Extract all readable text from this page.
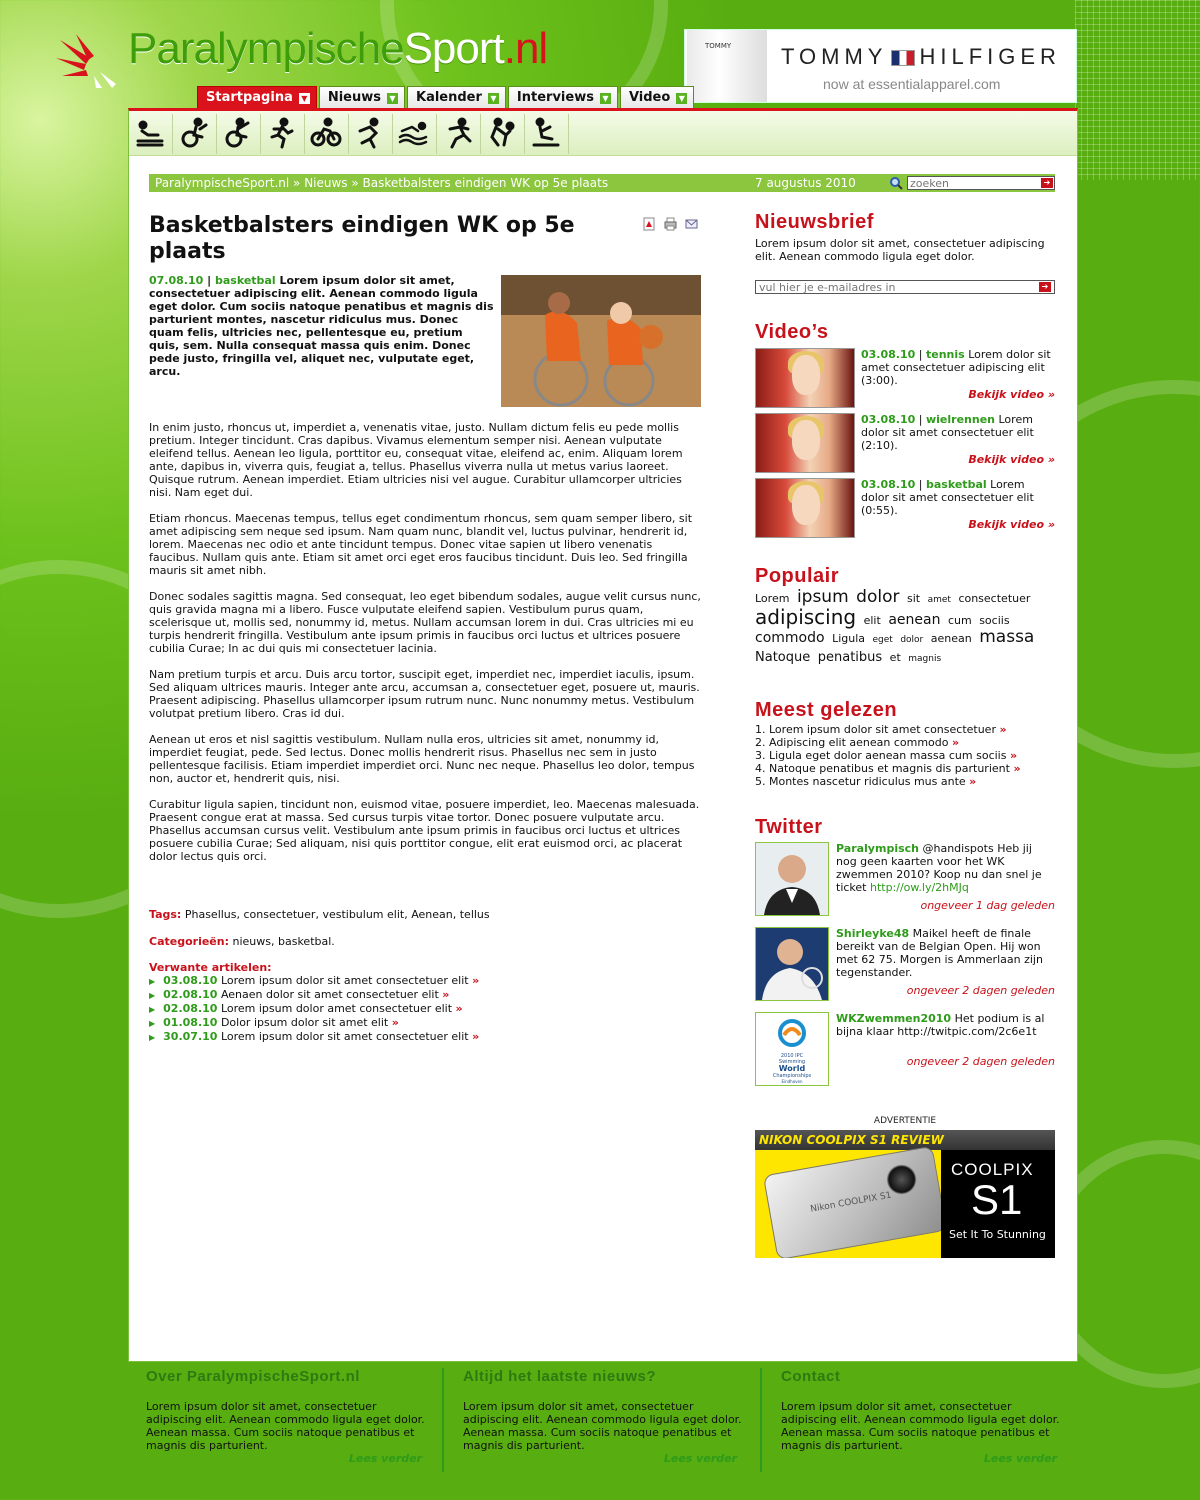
ParalympischeSport.nl	TOMMY TOMMY HILFIGER
now at essentialapparel.com
Startpagina	▼ Nieuws	▼ Kalender	▼ Interviews	▼ Video	▼
ParalympischeSport.nl » Nieuws » Basketbalsters eindigen WK op 5e plaats	7 augustus 2010
zoeken	➔
Basketbalsters eindigen WK op 5e plaats
07.08.10 | basketbal Lorem ipsum dolor sit amet, consectetuer adipiscing elit. Aenean commodo ligula eget dolor. Cum sociis natoque penatibus et magnis dis parturient montes, nascetur ridiculus mus. Donec quam felis, ultricies nec, pellentesque eu, pretium quis, sem. Nulla consequat massa quis enim. Donec pede justo, fringilla vel, aliquet nec, vulputate eget, arcu.

In enim justo, rhoncus ut, imperdiet a, venenatis vitae, justo. Nullam dictum felis eu pede mollis pretium. Integer tincidunt. Cras dapibus. Vivamus elementum semper nisi. Aenean vulputate eleifend tellus. Aenean leo ligula, porttitor eu, consequat vitae, eleifend ac, enim. Aliquam lorem ante, dapibus in, viverra quis, feugiat a, tellus. Phasellus viverra nulla ut metus varius laoreet. Quisque rutrum. Aenean imperdiet. Etiam ultricies nisi vel augue. Curabitur ullamcorper ultricies nisi. Nam eget dui.

Etiam rhoncus. Maecenas tempus, tellus eget condimentum rhoncus, sem quam semper libero, sit amet adipiscing sem neque sed ipsum. Nam quam nunc, blandit vel, luctus pulvinar, hendrerit id, lorem. Maecenas nec odio et ante tincidunt tempus. Donec vitae sapien ut libero venenatis faucibus. Nullam quis ante. Etiam sit amet orci eget eros faucibus tincidunt. Duis leo. Sed fringilla mauris sit amet nibh.

Donec sodales sagittis magna. Sed consequat, leo eget bibendum sodales, augue velit cursus nunc, quis gravida magna mi a libero. Fusce vulputate eleifend sapien. Vestibulum purus quam, scelerisque ut, mollis sed, nonummy id, metus. Nullam accumsan lorem in dui. Cras ultricies mi eu turpis hendrerit fringilla. Vestibulum ante ipsum primis in faucibus orci luctus et ultrices posuere cubilia Curae; In ac dui quis mi consectetuer lacinia.

Nam pretium turpis et arcu. Duis arcu tortor, suscipit eget, imperdiet nec, imperdiet iaculis, ipsum. Sed aliquam ultrices mauris. Integer ante arcu, accumsan a, consectetuer eget, posuere ut, mauris. Praesent adipiscing. Phasellus ullamcorper ipsum rutrum nunc. Nunc nonummy metus. Vestibulum volutpat pretium libero. Cras id dui.

Aenean ut eros et nisl sagittis vestibulum. Nullam nulla eros, ultricies sit amet, nonummy id, imperdiet feugiat, pede. Sed lectus. Donec mollis hendrerit risus. Phasellus nec sem in justo pellentesque facilisis. Etiam imperdiet imperdiet orci. Nunc nec neque. Phasellus leo dolor, tempus non, auctor et, hendrerit quis, nisi.

Curabitur ligula sapien, tincidunt non, euismod vitae, posuere imperdiet, leo. Maecenas malesuada. Praesent congue erat at massa. Sed cursus turpis vitae tortor. Donec posuere vulputate arcu. Phasellus accumsan cursus velit. Vestibulum ante ipsum primis in faucibus orci luctus et ultrices posuere cubilia Curae; Sed aliquam, nisi quis porttitor congue, elit erat euismod orci, ac placerat dolor lectus quis orci.

Tags: Phasellus, consectetuer, vestibulum elit, Aenean, tellus
Categorieën: nieuws, basketbal.
Verwante artikelen:
▶ 03.08.10 Lorem ipsum dolor sit amet consectetuer elit »
▶ 02.08.10 Aenaen dolor sit amet consectetuer elit »
▶ 02.08.10 Lorem ipsum dolor amet consectetuer elit »
▶ 01.08.10 Dolor ipsum dolor sit amet elit »
▶ 30.07.10 Lorem ipsum dolor sit amet consectetuer elit »
Nieuwsbrief
Lorem ipsum dolor sit amet, consectetuer adipiscing elit. Aenean commodo ligula eget dolor.
vul hier je e-mailadres in
➔
Video’s
03.08.10 | tennis Lorem dolor sit amet consectetuer adipiscing elit (3:00).
Bekijk video »
03.08.10 | wielrennen Lorem dolor sit amet consectetuer elit (2:10).
Bekijk video »
03.08.10 | basketbal Lorem dolor sit amet consectetuer elit (0:55).
Bekijk video »
Populair
Lorem ipsum dolor sit amet consectetuer adipiscing elit aenean cum sociis commodo Ligula eget dolor aenean massa Natoque penatibus et magnis
Meest gelezen
1. Lorem ipsum dolor sit amet consectetuer »
2. Adipiscing elit aenean commodo »
3. Ligula eget dolor aenean massa cum sociis »
4. Natoque penatibus et magnis dis parturient »
5. Montes nascetur ridiculus mus ante »
Twitter
Paralympisch @handispots Heb jij nog geen kaarten voor het WK zwemmen 2010? Koop nu dan snel je ticket http://ow.ly/2hMJq
ongeveer 1 dag geleden
Shirleyke48 Maikel heeft de finale bereikt van de Belgian Open. Hij won met 62 75. Morgen is Ammerlaan zijn tegenstander.
ongeveer 2 dagen geleden
2010 IPC
Swimming
World
Championships
Eindhoven
WKZwemmen2010 Het podium is al bijna klaar http://twitpic.com/2c6e1t
ongeveer 2 dagen geleden
ADVERTENTIE
NIKON COOLPIX S1 REVIEW
Nikon COOLPIX S1
COOLPIX
S1
Set It To Stunning
Over ParalympischeSport.nl
Lorem ipsum dolor sit amet, consectetuer adipiscing elit. Aenean commodo ligula eget dolor. Aenean massa. Cum sociis natoque penatibus et magnis dis parturient.
Lees verder
Altijd het laatste nieuws?
Lorem ipsum dolor sit amet, consectetuer adipiscing elit. Aenean commodo ligula eget dolor. Aenean massa. Cum sociis natoque penatibus et magnis dis parturient.
Lees verder
Contact
Lorem ipsum dolor sit amet, consectetuer adipiscing elit. Aenean commodo ligula eget dolor. Aenean massa. Cum sociis natoque penatibus et magnis dis parturient.
Lees verder
